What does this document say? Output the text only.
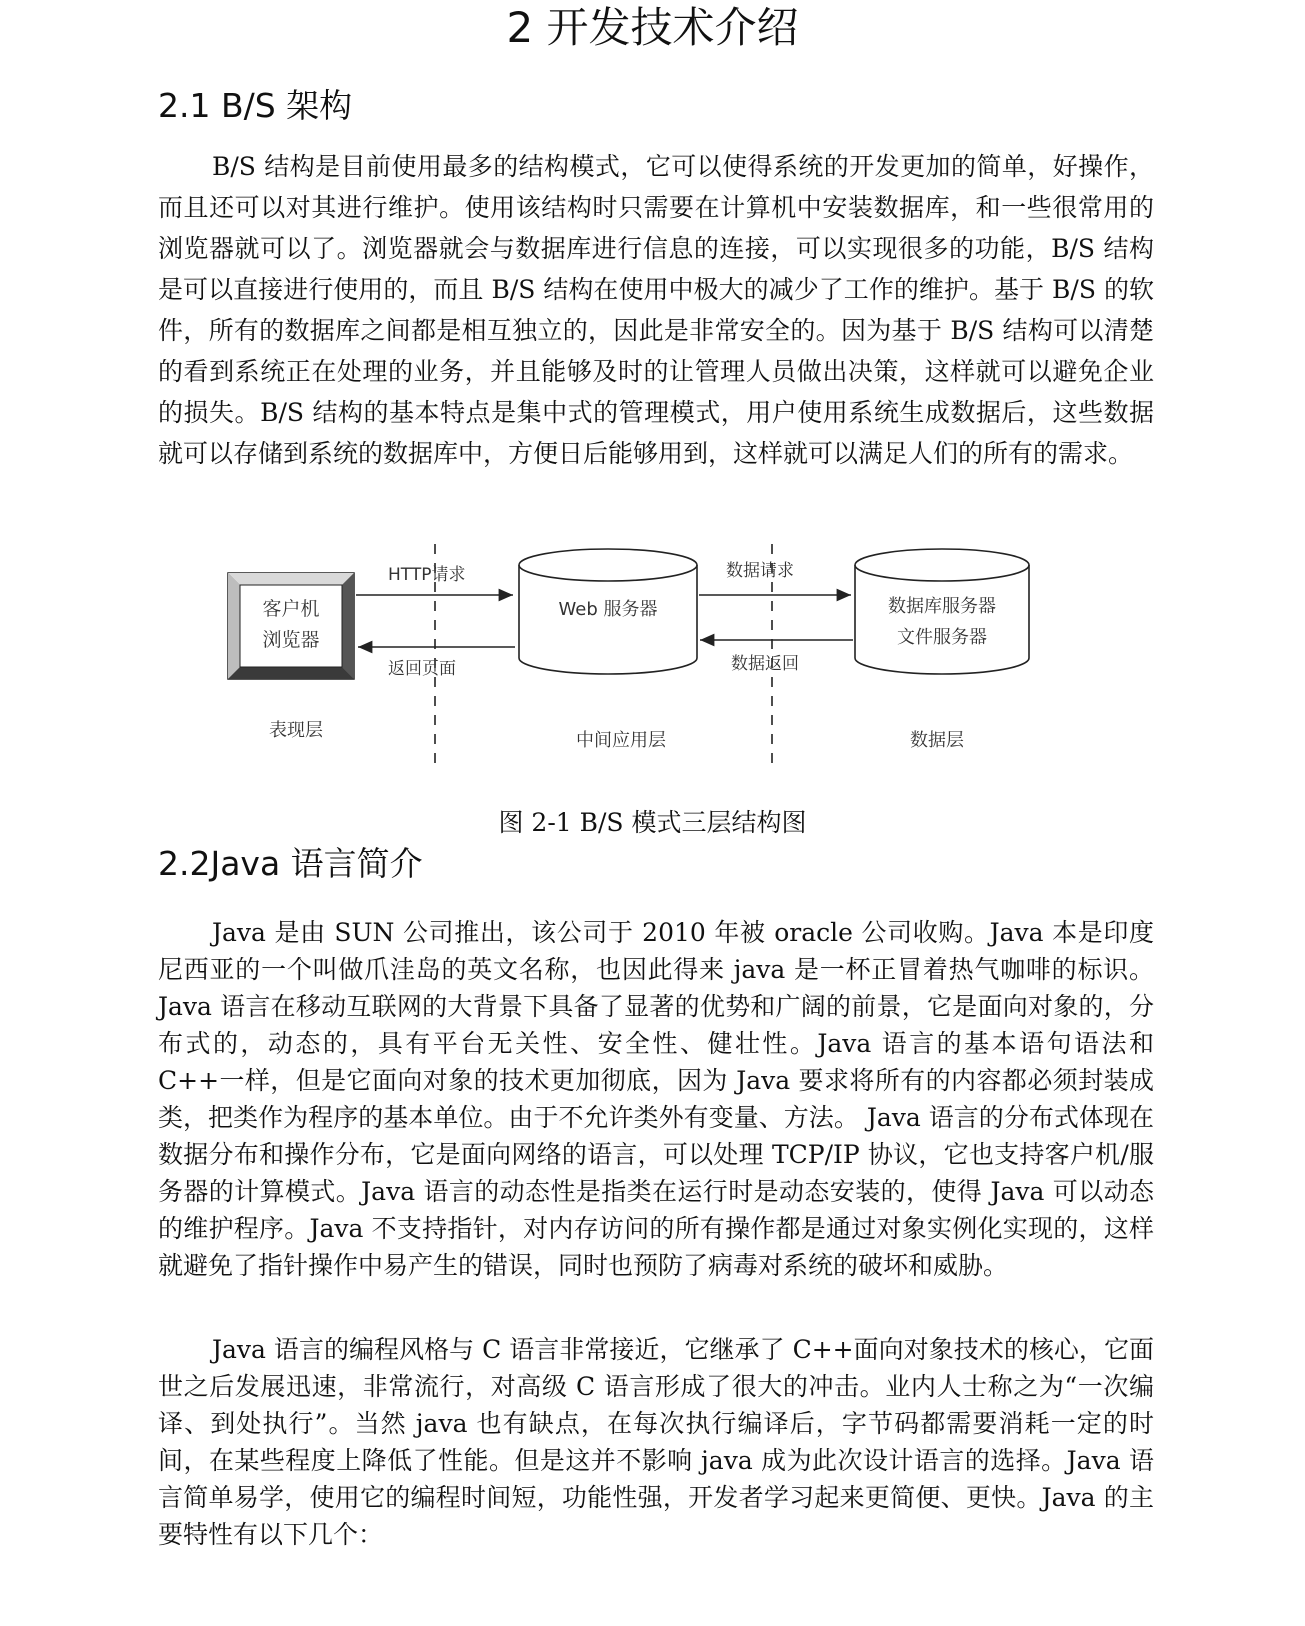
2 开发技术介绍
2.1 B/S 架构

B/S 结构是目前使用最多的结构模式，它可以使得系统的开发更加的简单，好操作，而且还可以对其进行维护。使用该结构时只需要在计算机中安装数据库，和一些很常用的浏览器就可以了。浏览器就会与数据库进行信息的连接，可以实现很多的功能，B/S 结构是可以直接进行使用的，而且 B/S 结构在使用中极大的减少了工作的维护。基于 B/S 的软件，所有的数据库之间都是相互独立的，因此是非常安全的。因为基于 B/S 结构可以清楚的看到系统正在处理的业务，并且能够及时的让管理人员做出决策，这样就可以避免企业的损失。B/S 结构的基本特点是集中式的管理模式，用户使用系统生成数据后，这些数据就可以存储到系统的数据库中，方便日后能够用到，这样就可以满足人们的所有的需求。

客户机
浏览器
Web 服务器	数据库服务器
文件服务器
HTTP请求
返回页面
数据请求
数据返回
表现层	中间应用层	数据层

图 2-1 B/S 模式三层结构图

2.2Java 语言简介

Java 是由 SUN 公司推出，该公司于 2010 年被 oracle 公司收购。Java 本是印度尼西亚的一个叫做爪洼岛的英文名称，也因此得来 java 是一杯正冒着热气咖啡的标识。Java 语言在移动互联网的大背景下具备了显著的优势和广阔的前景，它是面向对象的，分布式的，动态的，具有平台无关性、安全性、健壮性。Java 语言的基本语句语法和 C++一样，但是它面向对象的技术更加彻底，因为 Java 要求将所有的内容都必须封装成类，把类作为程序的基本单位。由于不允许类外有变量、方法。 Java 语言的分布式体现在数据分布和操作分布，它是面向网络的语言，可以处理 TCP/IP 协议，它也支持客户机/服务器的计算模式。Java 语言的动态性是指类在运行时是动态安装的，使得 Java 可以动态的维护程序。Java 不支持指针，对内存访问的所有操作都是通过对象实例化实现的，这样就避免了指针操作中易产生的错误，同时也预防了病毒对系统的破坏和威胁。

Java 语言的编程风格与 C 语言非常接近，它继承了 C++面向对象技术的核心，它面世之后发展迅速，非常流行，对高级 C 语言形成了很大的冲击。业内人士称之为“一次编译、到处执行”。当然 java 也有缺点，在每次执行编译后，字节码都需要消耗一定的时间，在某些程度上降低了性能。但是这并不影响 java 成为此次设计语言的选择。Java 语言简单易学，使用它的编程时间短，功能性强，开发者学习起来更简便、更快。Java 的主要特性有以下几个：
